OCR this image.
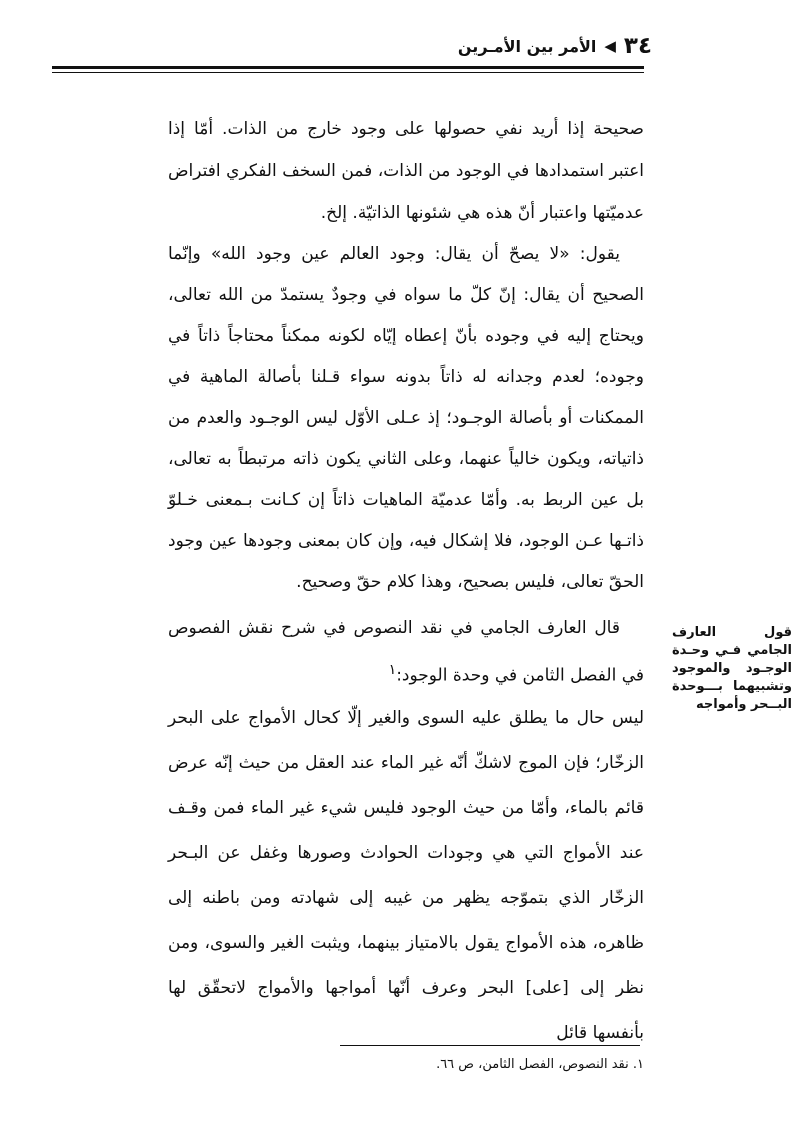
٣٤
◀
الأمر بين الأمـرين

صحيحة إذا أريد نفي حصولها على وجود خارج من الذات. أمّا إذا اعتبر استمدادها في الوجود من الذات، فمن السخف الفكري افتراض عدميّتها واعتبار أنّ هذه هي شئونها الذاتيّة. إلخ.

يقول: «لا يصحّ أن يقال: وجود العالم عين وجود الله» وإنّما الصحيح أن يقال: إنّ كلّ ما سواه في وجودٌ يستمدّ من الله تعالى، ويحتاج إليه في وجوده بأنّ إعطاه إيّاه لكونه ممكناً محتاجاً ذاتاً في وجوده؛ لعدم وجدانه له ذاتاً بدونه سواء قـلنا بأصالة الماهية في الممكنات أو بأصالة الوجـود؛ إذ عـلى الأوّل ليس الوجـود والعدم من ذاتياته، ويكون خالياً عنهما، وعلى الثاني يكون ذاته مرتبطاً به تعالى، بل عين الربط به. وأمّا عدميّة الماهيات ذاتاً إن كـانت بـمعنى خـلوّ ذاتـها عـن الوجود، فلا إشكال فيه، وإن كان بمعنى وجودها عين وجود الحقّ تعالى، فليس بصحيح، وهذا كلام حقّ وصحيح.

قال العارف الجامي في نقد النصوص في شرح نقش الفصوص في الفصل الثامن في وحدة الوجود:$^١$

ليس حال ما يطلق عليه السوى والغير إلّا كحال الأمواج على البحر الزخّار؛ فإن الموج لاشكّ أنّه غير الماء عند العقل من حيث إنّه عرض قائم بالماء، وأمّا من حيث الوجود فليس شيء غير الماء فمن وقـف عند الأمواج التي هي وجودات الحوادث وصورها وغفل عن البـحر الزخّار الذي بتموّجه يظهر من غيبه إلى شهادته ومن باطنه إلى ظاهره، هذه الأمواج يقول بالامتياز بينهما، ويثبت الغير والسوى، ومن نظر إلى [على] البحر وعرف أنّها أمواجها والأمواج لاتحقّق لها بأنفسها قائل

قول العارف الجامي فـي وحـدة الوجـود والموجود وتشبيهما بـــوحدة البــحر وأمواجه
١. نقد النصوص، الفصل الثامن، ص ٦٦.
